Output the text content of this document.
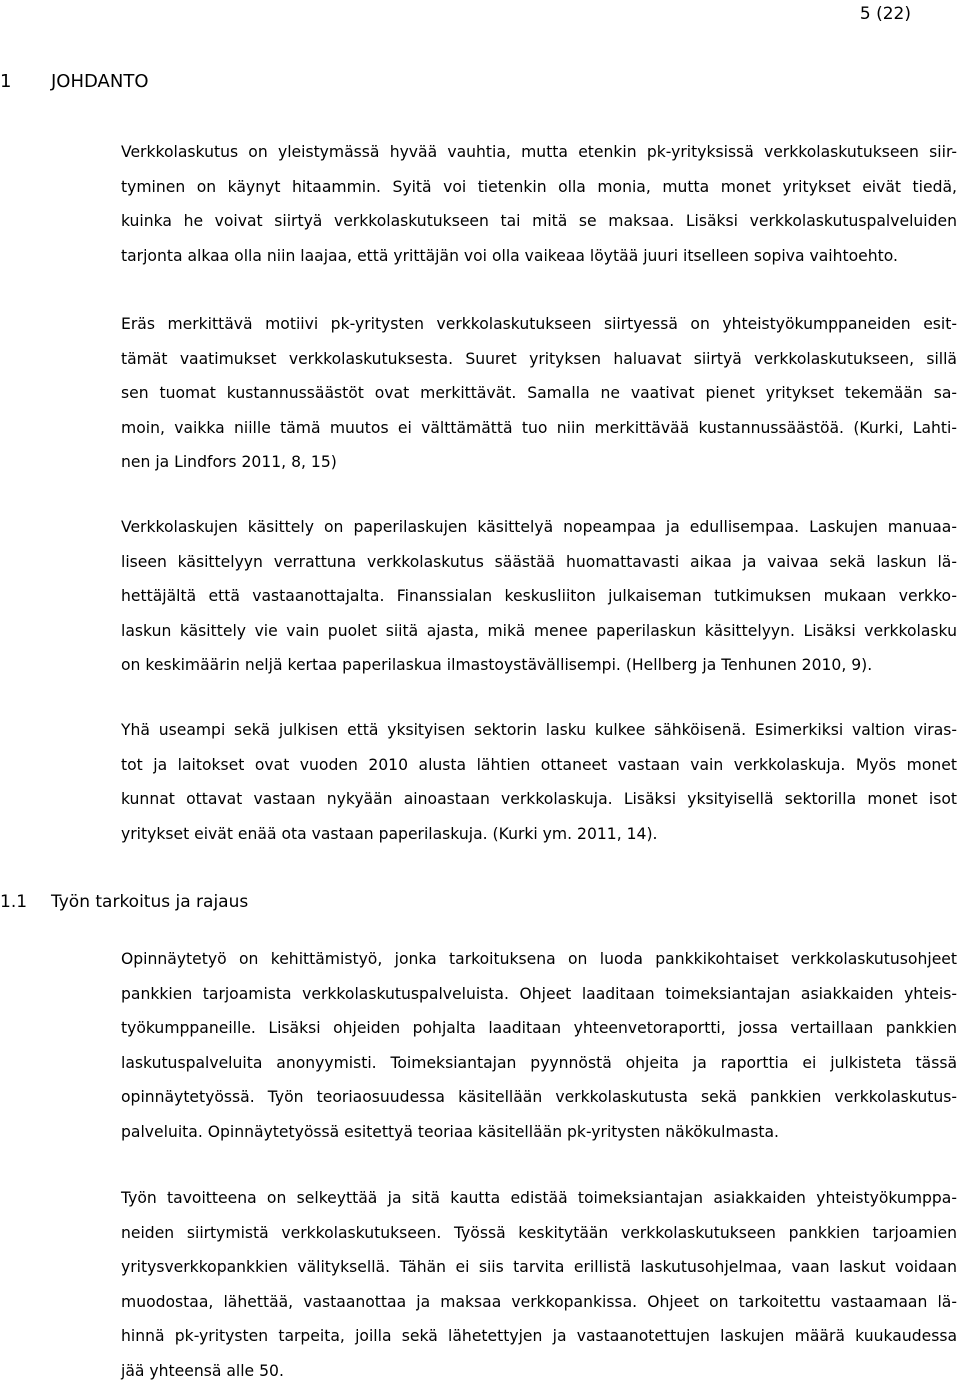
5 (22)
1 JOHDANTO
Verkkolaskutus on yleistymässä hyvää vauhtia, mutta etenkin pk-yrityksissä verkkolaskutukseen siir-
tyminen on käynyt hitaammin. Syitä voi tietenkin olla monia, mutta monet yritykset eivät tiedä,
kuinka he voivat siirtyä verkkolaskutukseen tai mitä se maksaa. Lisäksi verkkolaskutuspalveluiden
tarjonta alkaa olla niin laajaa, että yrittäjän voi olla vaikeaa löytää juuri itselleen sopiva vaihtoehto.
Eräs merkittävä motiivi pk-yritysten verkkolaskutukseen siirtyessä on yhteistyökumppaneiden esit-
tämät vaatimukset verkkolaskutuksesta. Suuret yrityksen haluavat siirtyä verkkolaskutukseen, sillä
sen tuomat kustannussäästöt ovat merkittävät. Samalla ne vaativat pienet yritykset tekemään sa-
moin, vaikka niille tämä muutos ei välttämättä tuo niin merkittävää kustannussäästöä. (Kurki, Lahti-
nen ja Lindfors 2011, 8, 15)
Verkkolaskujen käsittely on paperilaskujen käsittelyä nopeampaa ja edullisempaa. Laskujen manuaa-
liseen käsittelyyn verrattuna verkkolaskutus säästää huomattavasti aikaa ja vaivaa sekä laskun lä-
hettäjältä että vastaanottajalta. Finanssialan keskusliiton julkaiseman tutkimuksen mukaan verkko-
laskun käsittely vie vain puolet siitä ajasta, mikä menee paperilaskun käsittelyyn. Lisäksi verkkolasku
on keskimäärin neljä kertaa paperilaskua ilmastoystävällisempi. (Hellberg ja Tenhunen 2010, 9).
Yhä useampi sekä julkisen että yksityisen sektorin lasku kulkee sähköisenä. Esimerkiksi valtion viras-
tot ja laitokset ovat vuoden 2010 alusta lähtien ottaneet vastaan vain verkkolaskuja. Myös monet
kunnat ottavat vastaan nykyään ainoastaan verkkolaskuja. Lisäksi yksityisellä sektorilla monet isot
yritykset eivät enää ota vastaan paperilaskuja. (Kurki ym. 2011, 14).
1.1 Työn tarkoitus ja rajaus
Opinnäytetyö on kehittämistyö, jonka tarkoituksena on luoda pankkikohtaiset verkkolaskutusohjeet
pankkien tarjoamista verkkolaskutuspalveluista. Ohjeet laaditaan toimeksiantajan asiakkaiden yhteis-
työkumppaneille. Lisäksi ohjeiden pohjalta laaditaan yhteenvetoraportti, jossa vertaillaan pankkien
laskutuspalveluita anonyymisti. Toimeksiantajan pyynnöstä ohjeita ja raporttia ei julkisteta tässä
opinnäytetyössä. Työn teoriaosuudessa käsitellään verkkolaskutusta sekä pankkien verkkolaskutus-
palveluita. Opinnäytetyössä esitettyä teoriaa käsitellään pk-yritysten näkökulmasta.
Työn tavoitteena on selkeyttää ja sitä kautta edistää toimeksiantajan asiakkaiden yhteistyökumppa-
neiden siirtymistä verkkolaskutukseen. Työssä keskitytään verkkolaskutukseen pankkien tarjoamien
yritysverkkopankkien välityksellä. Tähän ei siis tarvita erillistä laskutusohjelmaa, vaan laskut voidaan
muodostaa, lähettää, vastaanottaa ja maksaa verkkopankissa. Ohjeet on tarkoitettu vastaamaan lä-
hinnä pk-yritysten tarpeita, joilla sekä lähetettyjen ja vastaanotettujen laskujen määrä kuukaudessa
jää yhteensä alle 50.
